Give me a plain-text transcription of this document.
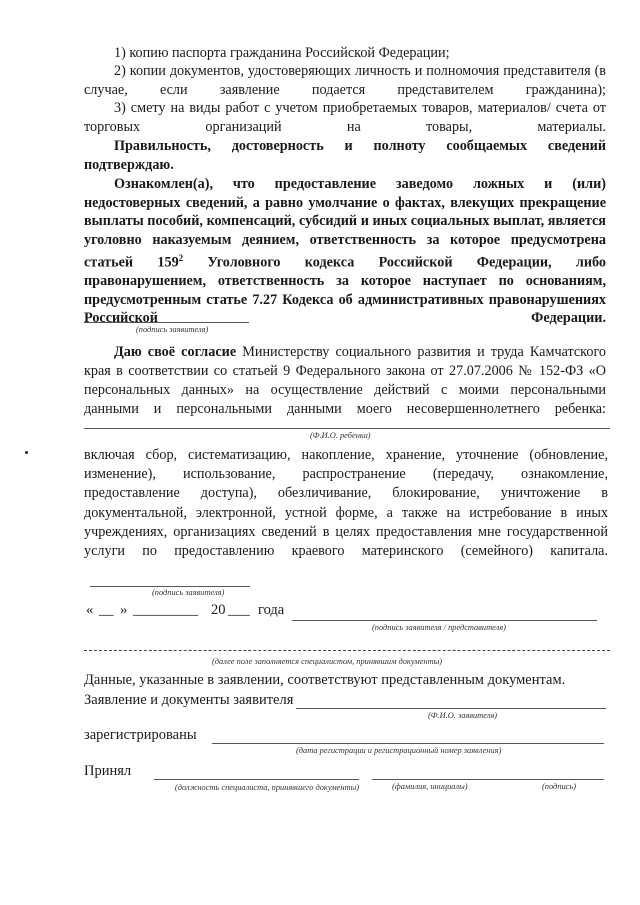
1) копию паспорта гражданина Российской Федерации;
2) копии документов, удостоверяющих личность и полномочия представителя (в случае, если заявление подается представителем гражданина);
3) смету на виды работ с учетом приобретаемых товаров, материалов/ счета от торговых организаций на товары, материалы.
Правильность, достоверность и полноту сообщаемых сведений подтверждаю.
Ознакомлен(а), что предоставление заведомо ложных и (или) недостоверных сведений, а равно умолчание о фактах, влекущих прекращение выплаты пособий, компенсаций, субсидий и иных социальных выплат, является уголовно наказуемым деянием, ответственность за которое предусмотрена статьей $159^2$ Уголовного кодекса Российской Федерации, либо правонарушением, ответственность за которое наступает по основаниям, предусмотренным статье 7.27 Кодекса об административных правонарушениях Российской Федерации.
(подпись заявителя)
Даю своё согласие Министерству социального развития и труда Камчатского края в соответствии со статьей 9 Федерального закона от 27.07.2006 № 152-ФЗ «О персональных данных» на осуществление действий с моими персональными данными и персональными данными моего несовершеннолетнего ребенка:
(Ф.И.О. ребенка)
включая сбор, систематизацию, накопление, хранение, уточнение (обновление, изменение), использование, распространение (передачу, ознакомление, предоставление доступа), обезличивание, блокирование, уничтожение в документальной, электронной, устной форме, а также на истребование в иных учреждениях, организациях сведений в целях предоставления мне государственной услуги по предоставлению краевого материнского (семейного) капитала.
(подпись заявителя)
« __ » _________ 20 ___ года
(подпись заявителя / представителя)
(далее поле заполняется специалистом, принявшим документы)
Данные, указанные в заявлении, соответствуют представленным документам.
Заявление и документы заявителя
(Ф.И.О. заявителя)
зарегистрированы
(дата регистрации и регистрационный номер заявления)
Принял
(должность специалиста, принявшего документы)	(фамилия, инициалы)	(подпись)
